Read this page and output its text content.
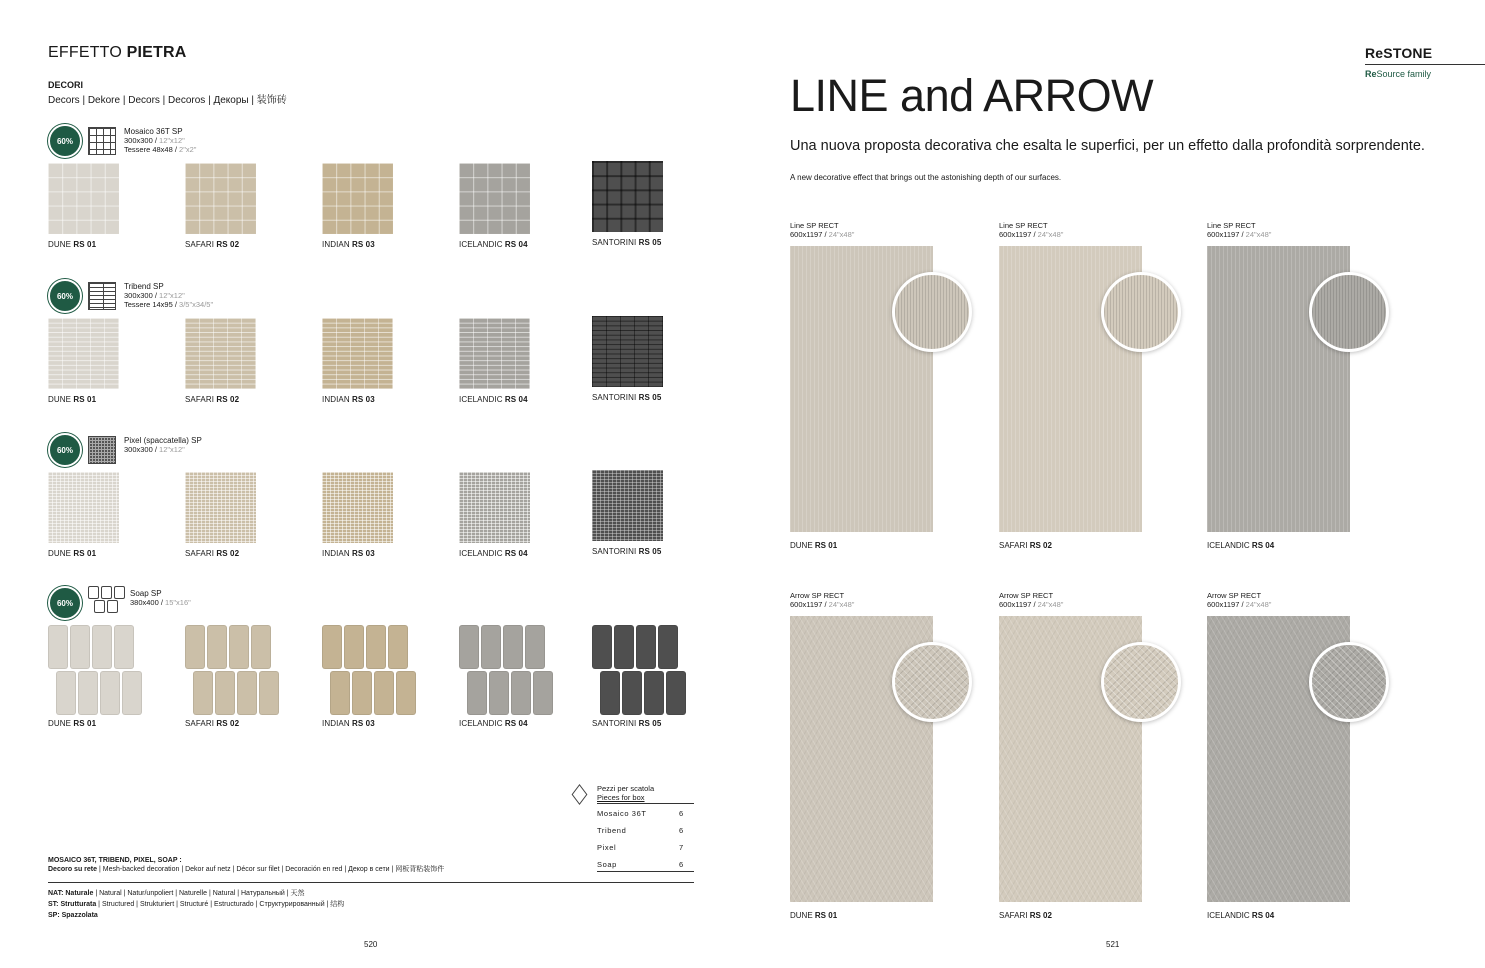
EFFETTO PIETRA
DECORI
Decors | Dekore | Decors | Decoros | Декоры | 装饰砖
60%
Mosaico 36T SP
300x300 / 12"x12"
Tessere 48x48 / 2"x2"
DUNE RS 01	SAFARI RS 02	INDIAN RS 03	ICELANDIC RS 04	SANTORINI RS 05
60%
Tribend SP
300x300 / 12"x12"
Tessere 14x95 / 3/5"x34/5"
DUNE RS 01	SAFARI RS 02	INDIAN RS 03	ICELANDIC RS 04	SANTORINI RS 05
60%
Pixel (spaccatella) SP
300x300 / 12"x12"
DUNE RS 01	SAFARI RS 02	INDIAN RS 03	ICELANDIC RS 04	SANTORINI RS 05
60%
Soap SP
380x400 / 15"x16"
DUNE RS 01	SAFARI RS 02	INDIAN RS 03	ICELANDIC RS 04	SANTORINI RS 05
Pezzi per scatola
Pieces for box
Mosaico 36T	6
Tribend	6
Pixel	7
Soap	6
MOSAICO 36T, TRIBEND, PIXEL, SOAP :
Decoro su rete | Mesh-backed decoration | Dekor auf netz | Décor sur filet | Decoración en red | Декор в сети | 网板背粘装饰件
NAT: Naturale | Natural | Natur/unpoliert | Naturelle | Natural | Натуральный | 天然
ST: Strutturata | Structured | Strukturiert | Structuré | Estructurado | Структурированный | 结构
SP: Spazzolata
520
ReSTONE
ReSource family
LINE and ARROW
Una nuova proposta decorativa che esalta le superfici, per un effetto dalla profondità sorprendente.
A new decorative effect that brings out the astonishing depth of our surfaces.
Line SP RECT
600x1197 / 24"x48"
DUNE RS 01
Line SP RECT
600x1197 / 24"x48"
SAFARI RS 02
Line SP RECT
600x1197 / 24"x48"
ICELANDIC RS 04
Arrow SP RECT
600x1197 / 24"x48"
DUNE RS 01
Arrow SP RECT
600x1197 / 24"x48"
SAFARI RS 02
Arrow SP RECT
600x1197 / 24"x48"
ICELANDIC RS 04
521
